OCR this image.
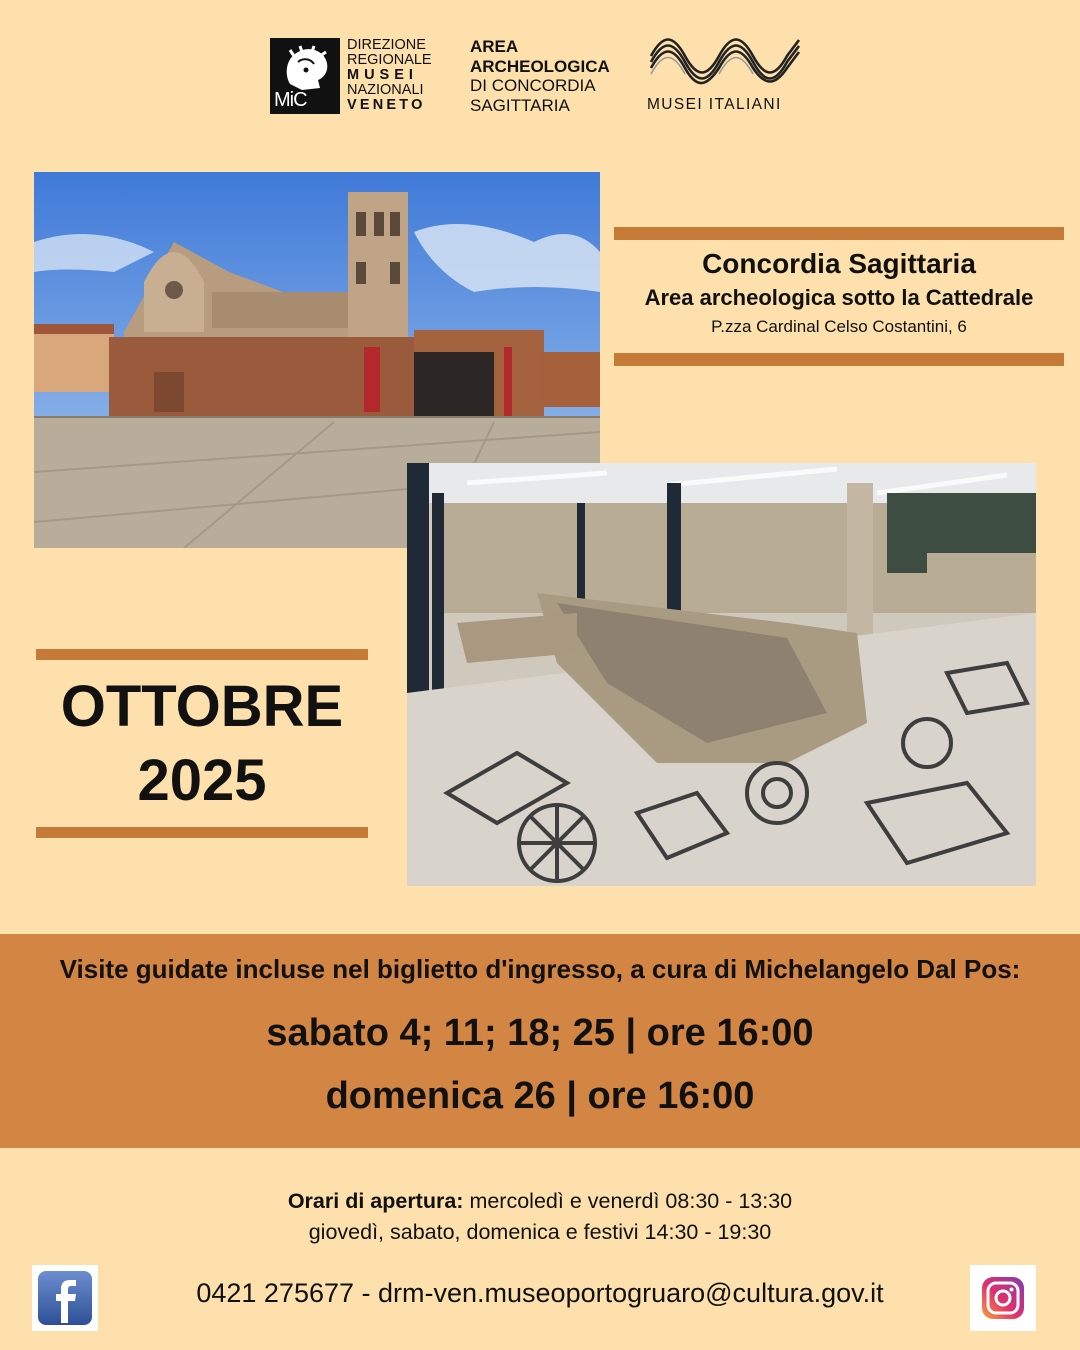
MiC
DIREZIONE
REGIONALE
MUSEI
NAZIONALI
VENETO
AREA
ARCHEOLOGICA
DI CONCORDIA
SAGITTARIA	MUSEI ITALIANI
Concordia Sagittaria
Area archeologica sotto la Cattedrale
P.zza Cardinal Celso Costantini, 6
OTTOBRE
2025
Visite guidate incluse nel biglietto d'ingresso, a cura di Michelangelo Dal Pos:
sabato 4; 11; 18; 25 | ore 16:00
domenica 26 | ore 16:00
Orari di apertura: mercoledì e venerdì 08:30 - 13:30
giovedì, sabato, domenica e festivi 14:30 - 19:30
0421 275677 - drm-ven.museoportogruaro@cultura.gov.it
